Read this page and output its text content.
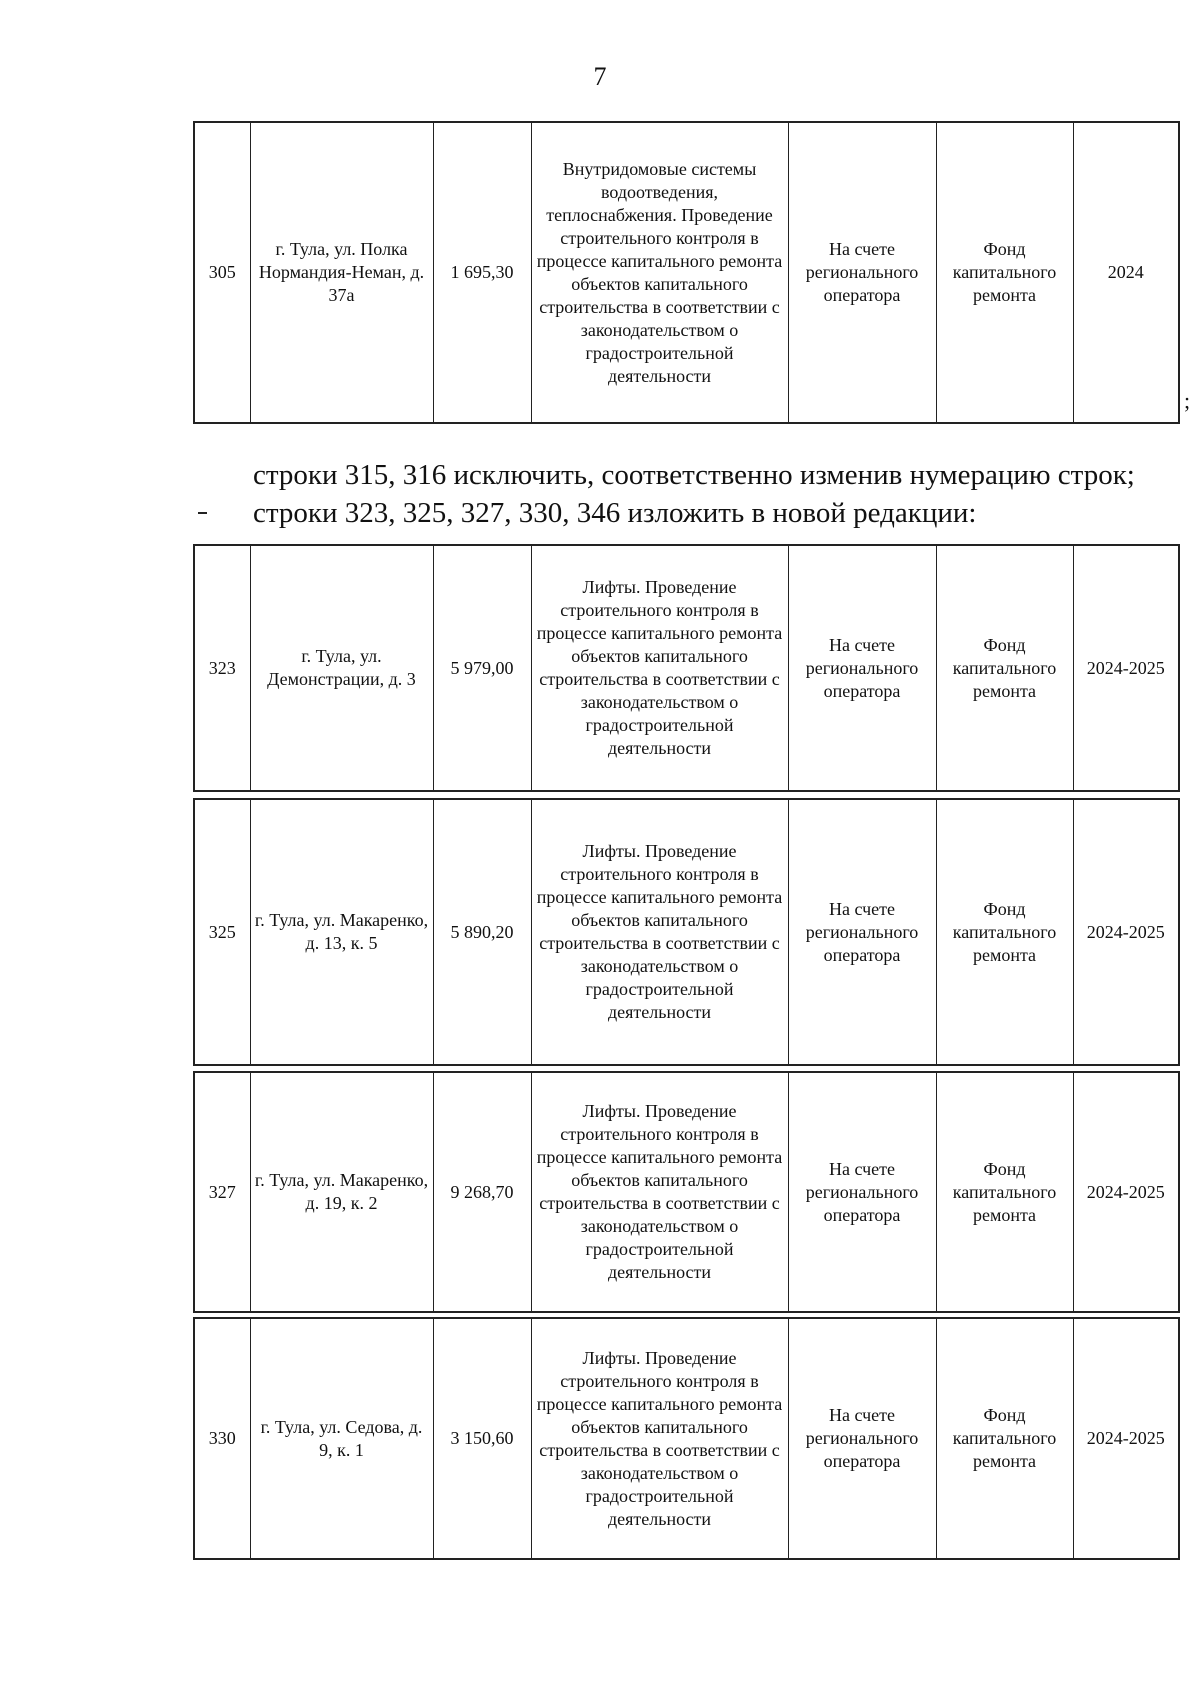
7
305	г. Тула, ул. Полка Нормандия-Неман, д. 37а	1 695,30	Внутридомовые системы водоотведения, теплоснабжения. Проведение строительного контроля в процессе капитального ремонта объектов капитального строительства в соответствии с законодательством о градостроительной деятельности	На счете регионального оператора	Фонд капитального ремонта	2024
;
строки 315, 316 исключить, соответственно изменив нумерацию строк;
строки 323, 325, 327, 330, 346 изложить в новой редакции:
323	г. Тула, ул. Демонстрации, д. 3	5 979,00	Лифты. Проведение строительного контроля в процессе капитального ремонта объектов капитального строительства в соответствии с законодательством о градостроительной деятельности	На счете регионального оператора	Фонд капитального ремонта	2024-2025
325	г. Тула, ул. Макаренко, д. 13, к. 5	5 890,20	Лифты. Проведение строительного контроля в процессе капитального ремонта объектов капитального строительства в соответствии с законодательством о градостроительной деятельности	На счете регионального оператора	Фонд капитального ремонта	2024-2025
327	г. Тула, ул. Макаренко, д. 19, к. 2	9 268,70	Лифты. Проведение строительного контроля в процессе капитального ремонта объектов капитального строительства в соответствии с законодательством о градостроительной деятельности	На счете регионального оператора	Фонд капитального ремонта	2024-2025
330	г. Тула, ул. Седова, д. 9, к. 1	3 150,60	Лифты. Проведение строительного контроля в процессе капитального ремонта объектов капитального строительства в соответствии с законодательством о градостроительной деятельности	На счете регионального оператора	Фонд капитального ремонта	2024-2025
